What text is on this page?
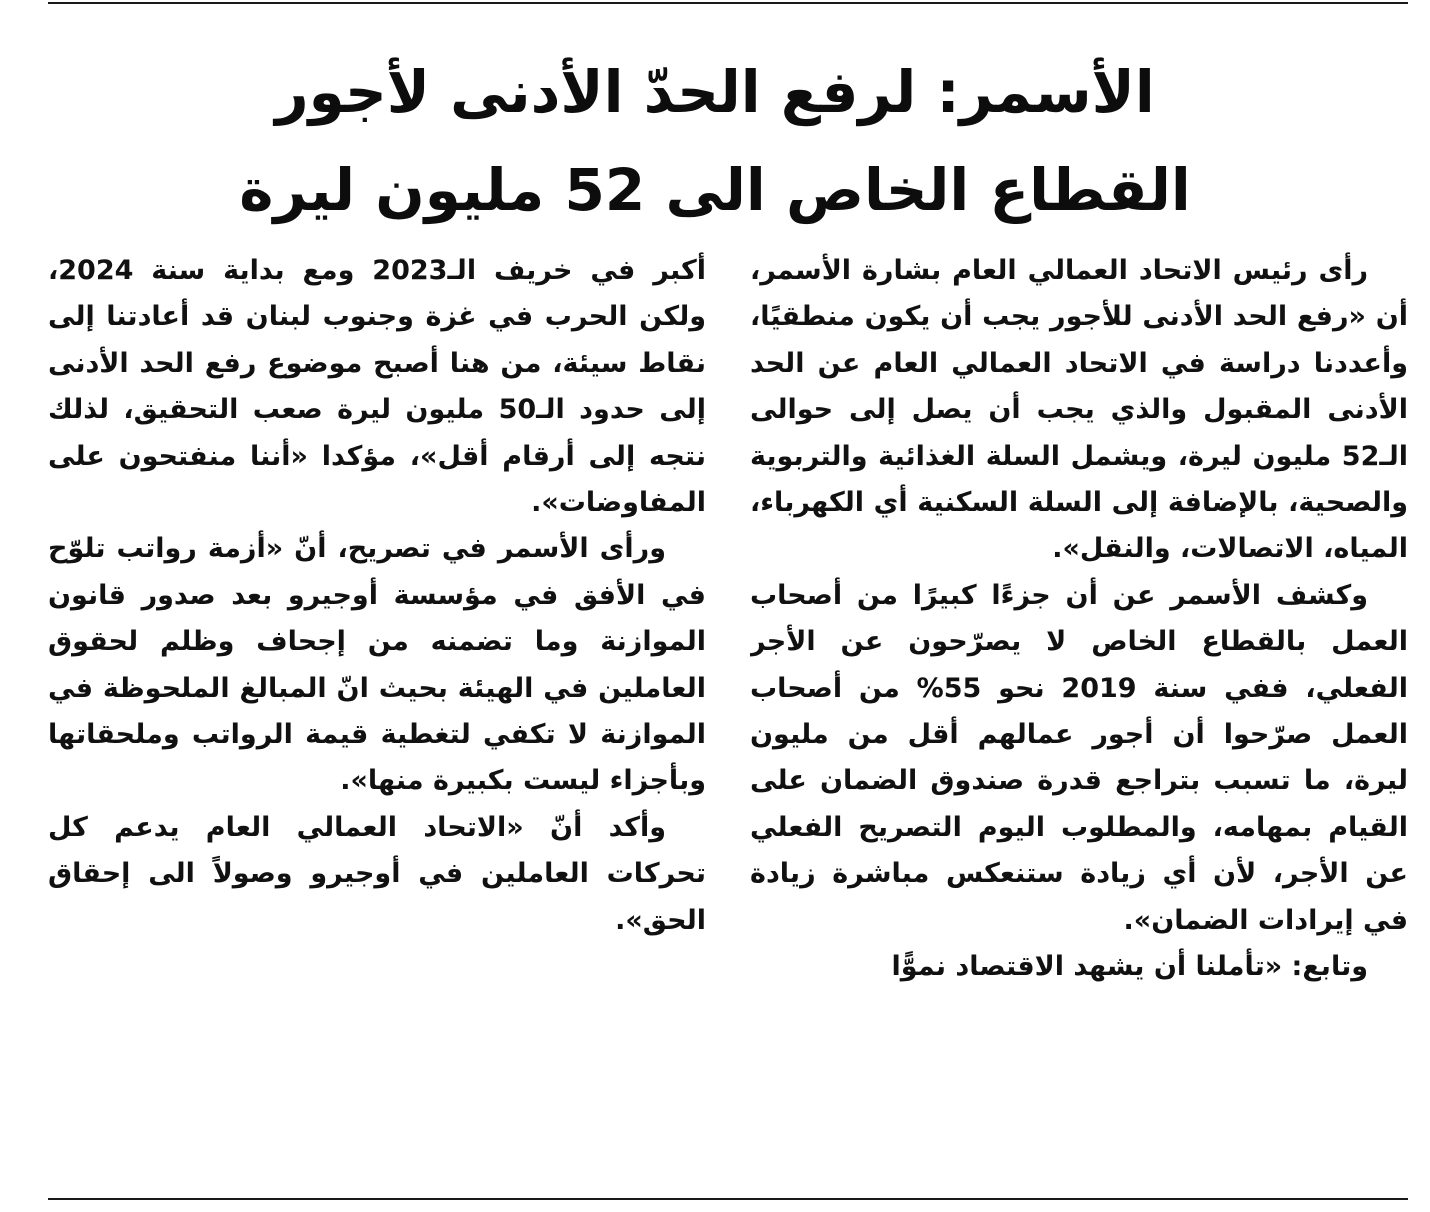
الأسمر: لرفع الحدّ الأدنى لأجور
القطاع الخاص الى 52 مليون ليرة

رأى رئيس الاتحاد العمالي العام بشارة الأسمر، أن «رفع الحد الأدنى للأجور يجب أن يكون منطقيًا، وأعددنا دراسة في الاتحاد العمالي العام عن الحد الأدنى المقبول والذي يجب أن يصل إلى حوالى الـ52 مليون ليرة، ويشمل السلة الغذائية والتربوية والصحية، بالإضافة إلى السلة السكنية أي الكهرباء، المياه، الاتصالات، والنقل».

وكشف الأسمر عن أن جزءًا كبيرًا من أصحاب العمل بالقطاع الخاص لا يصرّحون عن الأجر الفعلي، ففي سنة 2019 نحو 55% من أصحاب العمل صرّحوا أن أجور عمالهم أقل من مليون ليرة، ما تسبب بتراجع قدرة صندوق الضمان على القيام بمهامه، والمطلوب اليوم التصريح الفعلي عن الأجر، لأن أي زيادة ستنعكس مباشرة زيادة في إيرادات الضمان».

وتابع: «تأملنا أن يشهد الاقتصاد نموًّا

أكبر في خريف الـ2023 ومع بداية سنة 2024، ولكن الحرب في غزة وجنوب لبنان قد أعادتنا إلى نقاط سيئة، من هنا أصبح موضوع رفع الحد الأدنى إلى حدود الـ50 مليون ليرة صعب التحقيق، لذلك نتجه إلى أرقام أقل»، مؤكدا «أننا منفتحون على المفاوضات».

ورأى الأسمر في تصريح، أنّ «أزمة رواتب تلوّح في الأفق في مؤسسة أوجيرو بعد صدور قانون الموازنة وما تضمنه من إجحاف وظلم لحقوق العاملين في الهيئة بحيث انّ المبالغ الملحوظة في الموازنة لا تكفي لتغطية قيمة الرواتب وملحقاتها وبأجزاء ليست بكبيرة منها».

وأكد أنّ «الاتحاد العمالي العام يدعم كل تحركات العاملين في أوجيرو وصولاً الى إحقاق الحق».
